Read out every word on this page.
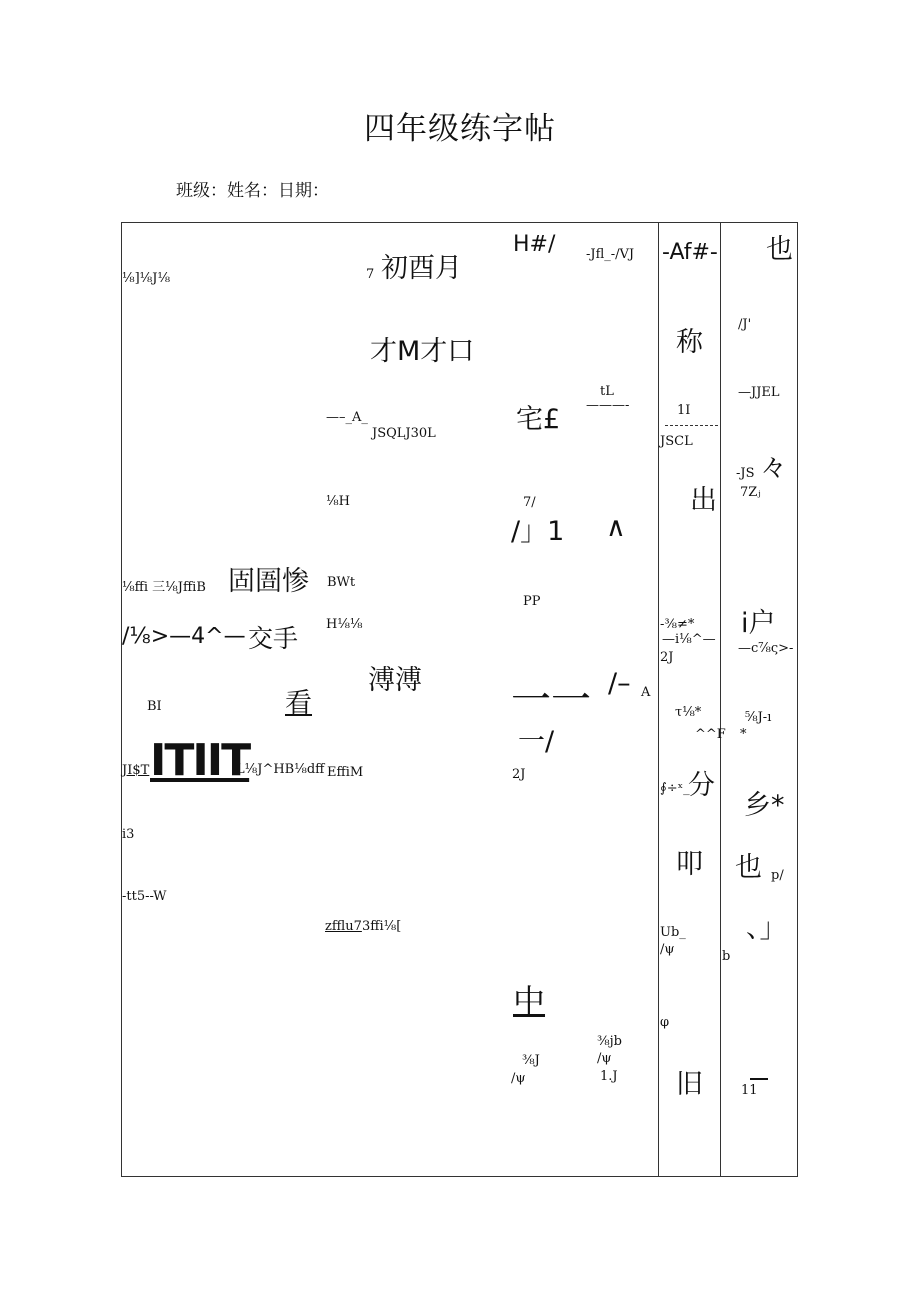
四年级练字帖
班级：姓名：日期：
⅛]⅛J⅛	7 初酉月
才M才口
—–_A_
JSQLJ30L
⅛H
⅛ffi 三⅛JffiB 固圄惨 BWt
/⅛>—4^— 交手 H⅛⅛
溥溥
BI	看
JI$T ITIIT
L⅛J^HB⅛dff EffiM
i3
-tt5--W
zfflu7 3ffi⅛[
H#/ -Jfl_-/VJ
tL
———-
宅£
7/
/」1 ∧
PP
一一 /– A
一/
2J
中
⅜jb
⅜J	/ψ
/ψ	1.J
-Af#-
称
1I
JSCL
出
-⅜≠*
—i⅛^—
2J
τ⅛*
^^F
∮÷ˣ_
分
叩
Ub_
/ψ
φ
旧
也
/J'
—JJEL
-JS 々
7Zⱼ
i户
—c⅞ς>-
⅝J-ı
*
乡*
也 p/
、」
b
11
